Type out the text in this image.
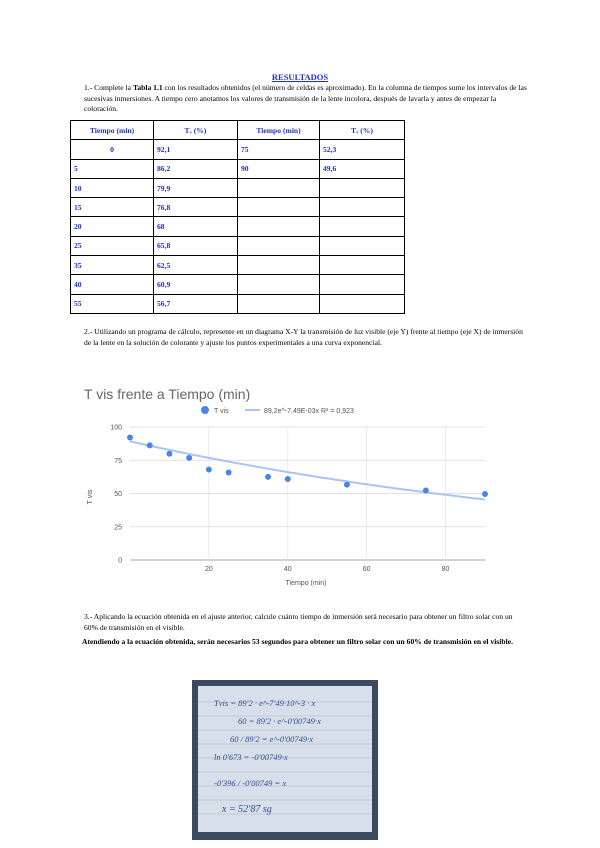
RESULTADOS
1.- Complete la Tabla 1.1 con los resultados obtenidos (el número de celdas es aproximado). En la columna de tiempos sume los intervalos de las sucesivas inmersiones. A tiempo cero anotamos los valores de transmisión de la lente incolora, después de lavarla y antes de empezar la coloración.
Tiempo (min)	Tᵥ (%)	Tiempo (min)	Tᵥ (%)
0	92,1	75	52,3
5	86,2	90	49,6
10	79,9		
15	76,8		
20	68		
25	65,8		
35	62,5		
40	60,9		
55	56,7		
2.- Utilizando un programa de cálculo, represente en un diagrama X-Y la transmisión de luz visible (eje Y) frente al tiempo (eje X) de inmersión de la lente en la solución de colorante y ajuste los puntos experimentales a una curva exponencial.
T vis frente a Tiempo (min)
T vis	89,2e^-7,49E-03x R² = 0,923
0
25
50
75
100
20	40	60	80
T vis
Tiempo (min)
3.- Aplicando la ecuación obtenida en el ajuste anterior, calcule cuánto tiempo de inmersión será necesario para obtener un filtro solar con un 60% de transmisión en el visible.
Atendiendo a la ecuación obtenida, serán necesarios 53 segundos para obtener un filtro solar con un 60% de transmisión en el visible.
Tvis = 89'2 · e^-7'49·10^-3 · x
60 = 89'2 · e^-0'00749·x
60 / 89'2 = e^-0'00749·x
ln 0'673 = -0'00749·x
-0'396 / -0'00749 = x
x = 52'87 sg
